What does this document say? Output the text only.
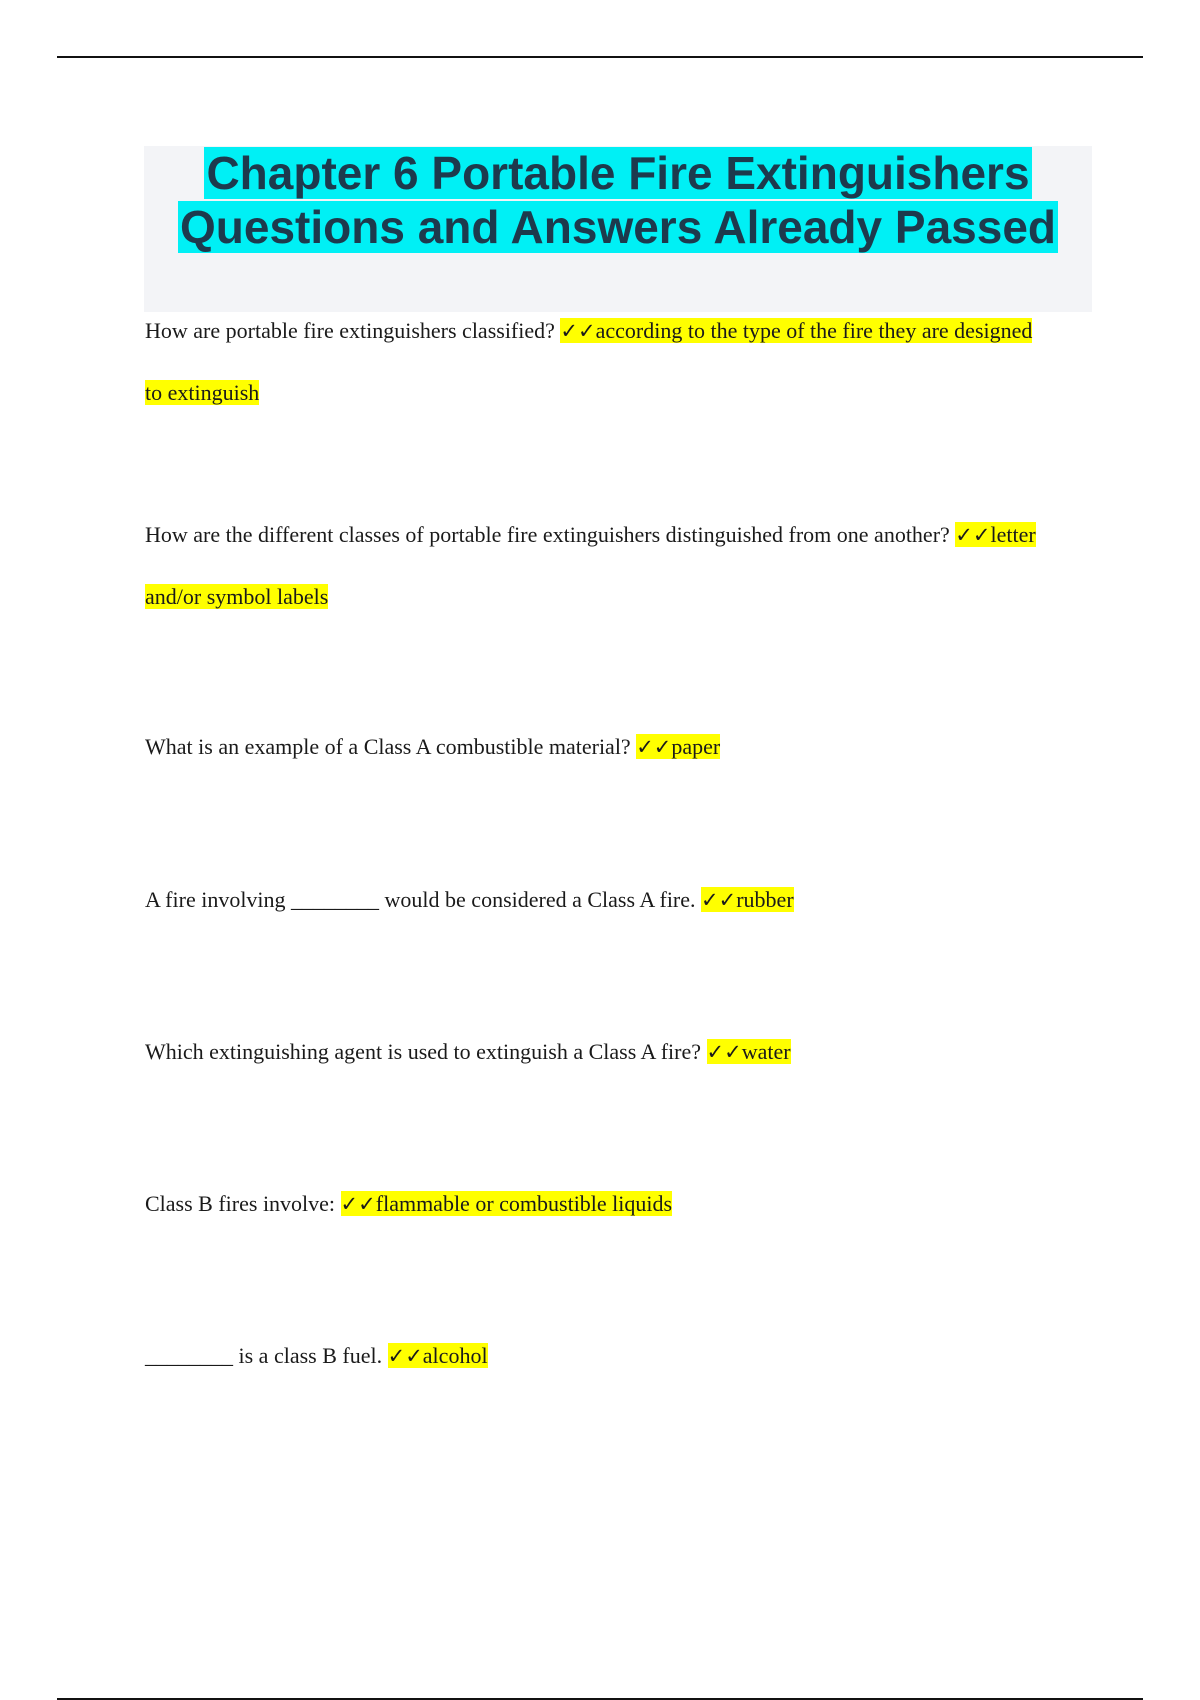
Chapter 6 Portable Fire Extinguishers
Questions and Answers Already Passed
How are portable fire extinguishers classified? ✓✓according to the type of the fire they are designed to extinguish
How are the different classes of portable fire extinguishers distinguished from one another? ✓✓letter and/or symbol labels
What is an example of a Class A combustible material? ✓✓paper
A fire involving ________ would be considered a Class A fire. ✓✓rubber
Which extinguishing agent is used to extinguish a Class A fire? ✓✓water
Class B fires involve: ✓✓flammable or combustible liquids
________ is a class B fuel. ✓✓alcohol
